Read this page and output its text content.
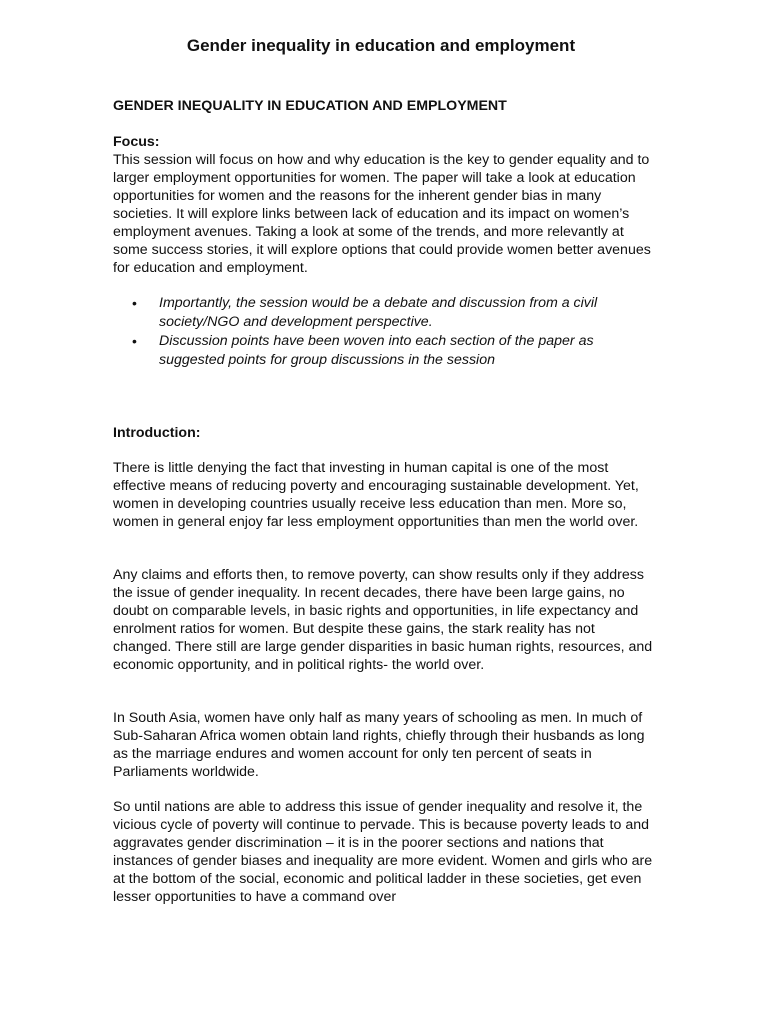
Gender inequality in education and employment
GENDER INEQUALITY IN EDUCATION AND EMPLOYMENT
Focus:

This session will focus on how and why education is the key to gender equality and to larger employment opportunities for women. The paper will take a look at education opportunities for women and the reasons for the inherent gender bias in many societies. It will explore links between lack of education and its impact on women’s employment avenues. Taking a look at some of the trends, and more relevantly at some success stories, it will explore options that could provide women better avenues for education and employment.

• Importantly, the session would be a debate and discussion from a civil society/NGO and development perspective.
• Discussion points have been woven into each section of the paper as suggested points for group discussions in the session
Introduction:

There is little denying the fact that investing in human capital is one of the most effective means of reducing poverty and encouraging sustainable development. Yet, women in developing countries usually receive less education than men. More so, women in general enjoy far less employment opportunities than men the world over.

Any claims and efforts then, to remove poverty, can show results only if they address the issue of gender inequality. In recent decades, there have been large gains, no doubt on comparable levels, in basic rights and opportunities, in life expectancy and enrolment ratios for women. But despite these gains, the stark reality has not changed. There still are large gender disparities in basic human rights, resources, and economic opportunity, and in political rights- the world over.

In South Asia, women have only half as many years of schooling as men. In much of Sub-Saharan Africa women obtain land rights, chiefly through their husbands as long as the marriage endures and women account for only ten percent of seats in Parliaments worldwide.

So until nations are able to address this issue of gender inequality and resolve it, the vicious cycle of poverty will continue to pervade. This is because poverty leads to and aggravates gender discrimination – it is in the poorer sections and nations that instances of gender biases and inequality are more evident. Women and girls who are at the bottom of the social, economic and political ladder in these societies, get even lesser opportunities to have a command over
